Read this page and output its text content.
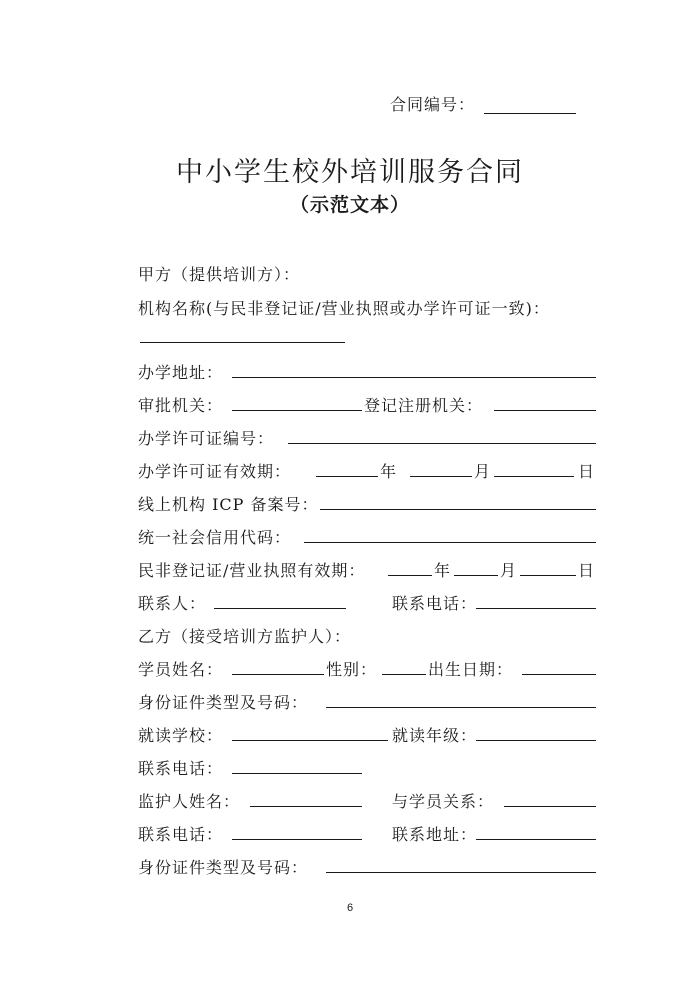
合同编号：
中小学生校外培训服务合同
（示范文本）
甲方（提供培训方）：
机构名称(与民非登记证/营业执照或办学许可证一致)：
办学地址：
审批机关：	登记注册机关：
办学许可证编号：
办学许可证有效期：	年	月	日
线上机构 ICP 备案号：
统一社会信用代码：
民非登记证/营业执照有效期：	年	月	日
联系人：	联系电话：
乙方（接受培训方监护人）：
学员姓名：	性别：	出生日期：
身份证件类型及号码：
就读学校：	就读年级：
联系电话：
监护人姓名：	与学员关系：
联系电话：	联系地址：
身份证件类型及号码：
6
